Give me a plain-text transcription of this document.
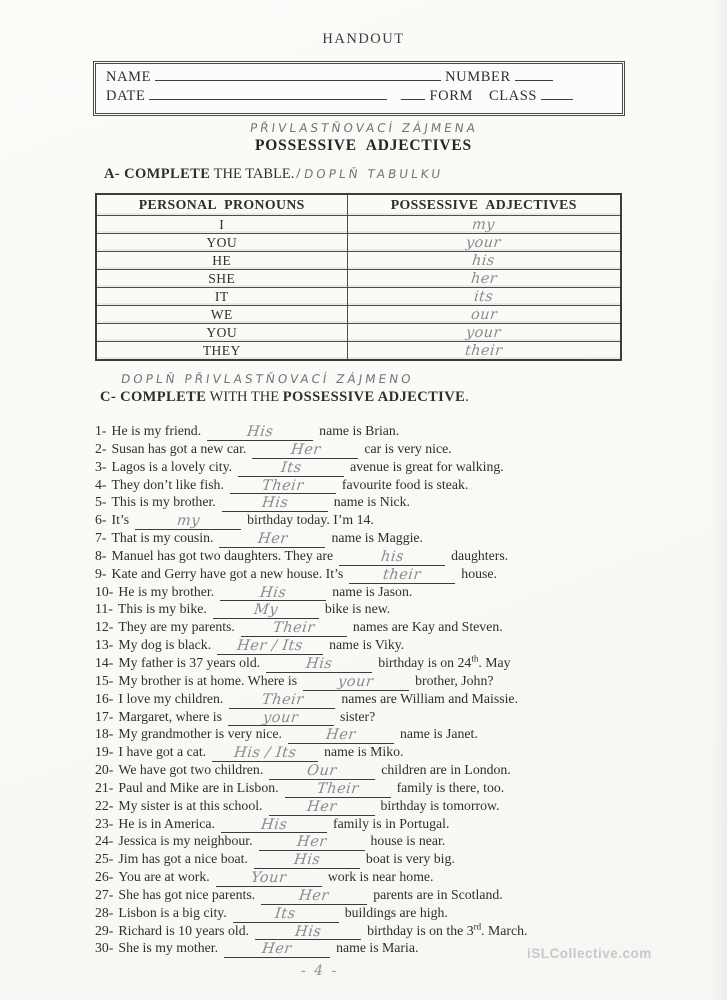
HANDOUT
NAME	NUMBER
DATE	FORM CLASS
PŘIVLASTŇOVACÍ ZÁJMENA
POSSESSIVE ADJECTIVES
A- COMPLETE THE TABLE. / DOPLŇ TABULKU
PERSONAL PRONOUNS	POSSESSIVE ADJECTIVES
I	my
YOU	your
HE	his
SHE	her
IT	its
WE	our
YOU	your
THEY	their
DOPLŇ PŘIVLASTŇOVACÍ ZÁJMENO
C- COMPLETE WITH THE POSSESSIVE ADJECTIVE.
1- He is my friend.	His	name is Brian.
2- Susan has got a new car.	Her	car is very nice.
3- Lagos is a lovely city.	Its	avenue is great for walking.
4- They don’t like fish.	Their	favourite food is steak.
5- This is my brother.	His	name is Nick.
6- It’s	my	birthday today. I’m 14.
7- That is my cousin.	Her	name is Maggie.
8- Manuel has got two daughters. They are	his	daughters.
9- Kate and Gerry have got a new house. It’s	their	house.
10- He is my brother.	His	name is Jason.
11- This is my bike.	My	bike is new.
12- They are my parents.	Their	names are Kay and Steven.
13- My dog is black. Her / Its name is Viky.
14- My father is 37 years old.	His	birthday is on 24th. May
15- My brother is at home. Where is	your	brother, John?
16- I love my children.	Their	names are William and Maissie.
17- Margaret, where is	your	sister?
18- My grandmother is very nice.	Her	name is Janet.
19- I have got a cat. His / Its name is Miko.
20- We have got two children.	Our	children are in London.
21- Paul and Mike are in Lisbon.	Their	family is there, too.
22- My sister is at this school.	Her	birthday is tomorrow.
23- He is in America.	His	family is in Portugal.
24- Jessica is my neighbour.	Her	house is near.
25- Jim has got a nice boat.	His	boat is very big.
26- You are at work.	Your	work is near home.
27- She has got nice parents.	Her	parents are in Scotland.
28- Lisbon is a big city.	Its	buildings are high.
29- Richard is 10 years old.	His	birthday is on the 3rd. March.
30- She is my mother.	Her	name is Maria.	iSLCollective.com
- 4 -
